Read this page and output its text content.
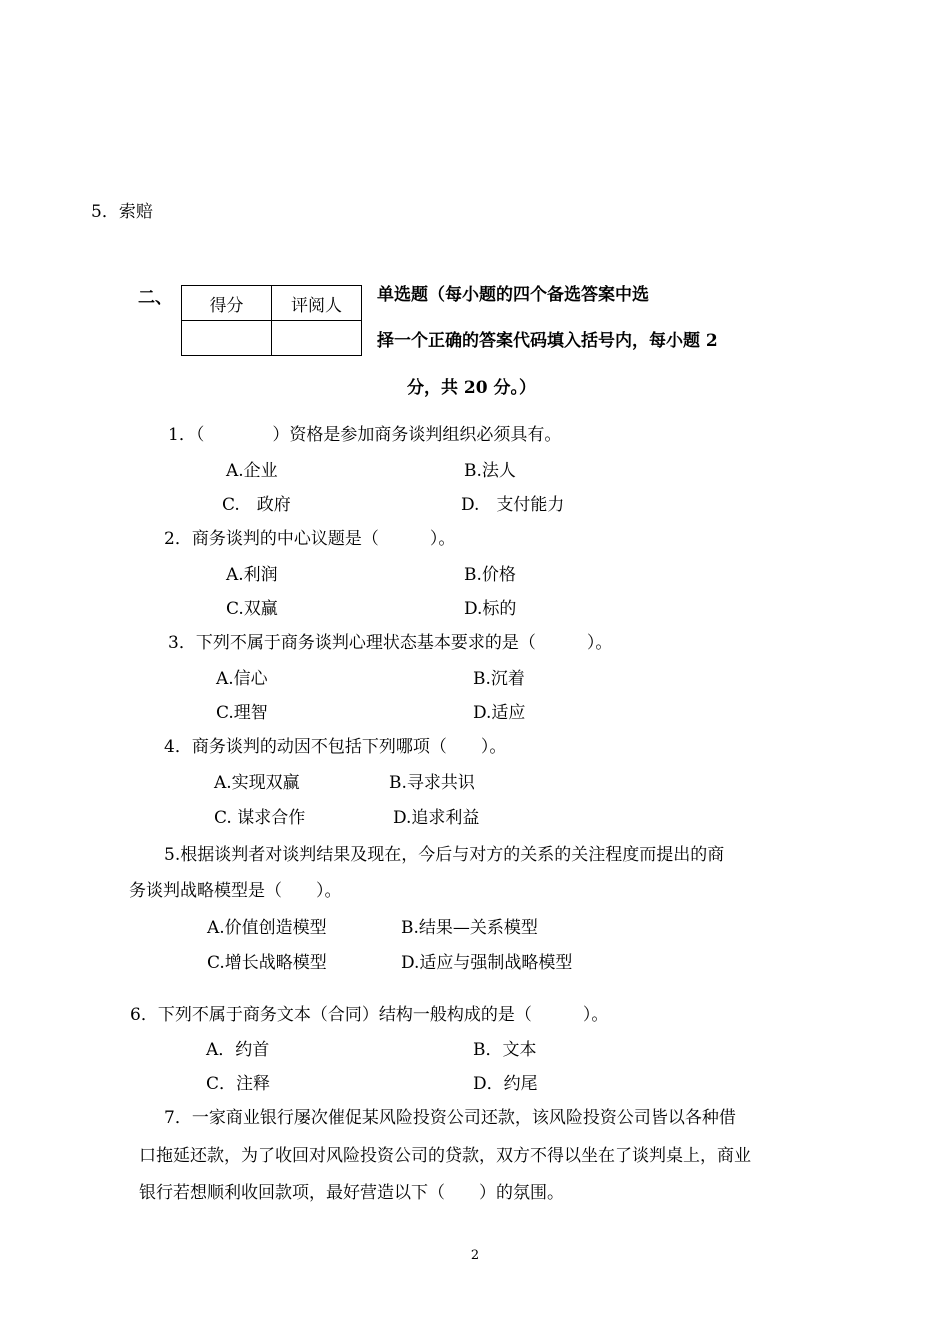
5．索赔
二、 得分	评阅人

单选题（每小题的四个备选答案中选
择一个正确的答案代码填入括号内，每小题 2
分，共 20 分。）
1．（　　　　）资格是参加商务谈判组织必须具有。
A.企业	B.法人
C.　政府	D.　支付能力
2．商务谈判的中心议题是（　　　）。
A.利润	B.价格
C.双赢	D.标的
3．下列不属于商务谈判心理状态基本要求的是（　　　）。
A.信心	B.沉着
C.理智	D.适应
4．商务谈判的动因不包括下列哪项（　　）。
A.实现双赢	B.寻求共识
C. 谋求合作	D.追求利益
5.根据谈判者对谈判结果及现在，今后与对方的关系的关注程度而提出的商
务谈判战略模型是（　　）。
A.价值创造模型	B.结果—关系模型
C.增长战略模型	D.适应与强制战略模型
6．下列不属于商务文本（合同）结构一般构成的是（　　　）。
A．约首	B．文本
C．注释	D．约尾
7．一家商业银行屡次催促某风险投资公司还款，该风险投资公司皆以各种借
口拖延还款，为了收回对风险投资公司的贷款，双方不得以坐在了谈判桌上，商业
银行若想顺利收回款项，最好营造以下（　　）的氛围。
2
